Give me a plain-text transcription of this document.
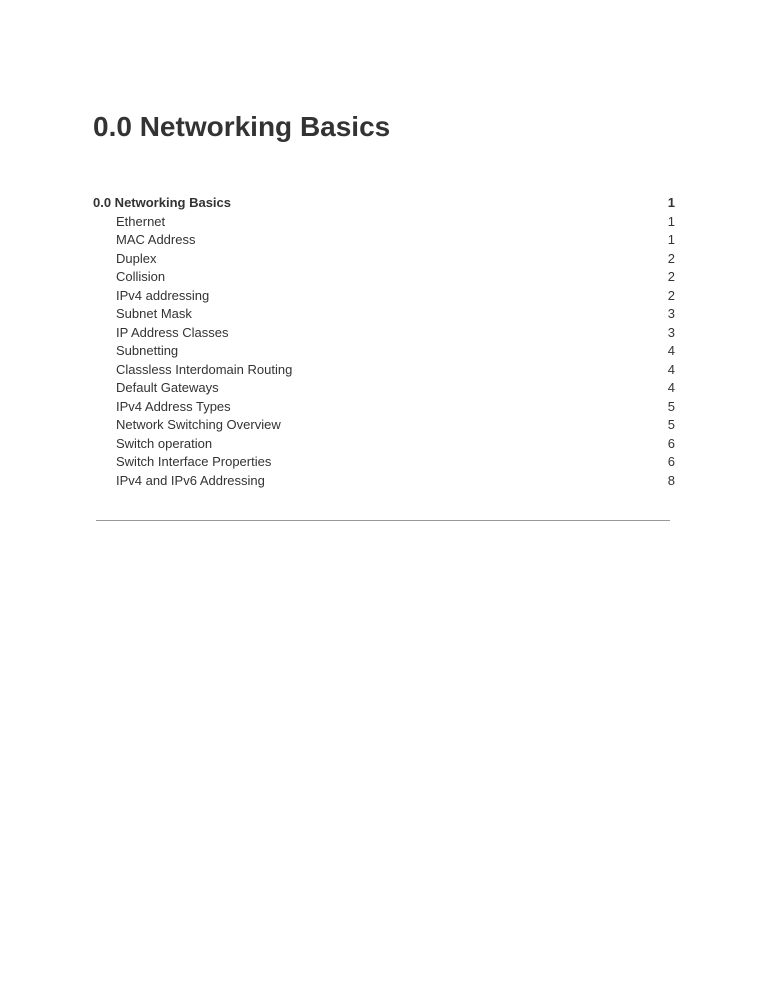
0.0 Networking Basics
0.0 Networking Basics	1
Ethernet	1
MAC Address	1
Duplex	2
Collision	2
IPv4 addressing	2
Subnet Mask	3
IP Address Classes	3
Subnetting	4
Classless Interdomain Routing	4
Default Gateways	4
IPv4 Address Types	5
Network Switching Overview	5
Switch operation	6
Switch Interface Properties	6
IPv4 and IPv6 Addressing	8
